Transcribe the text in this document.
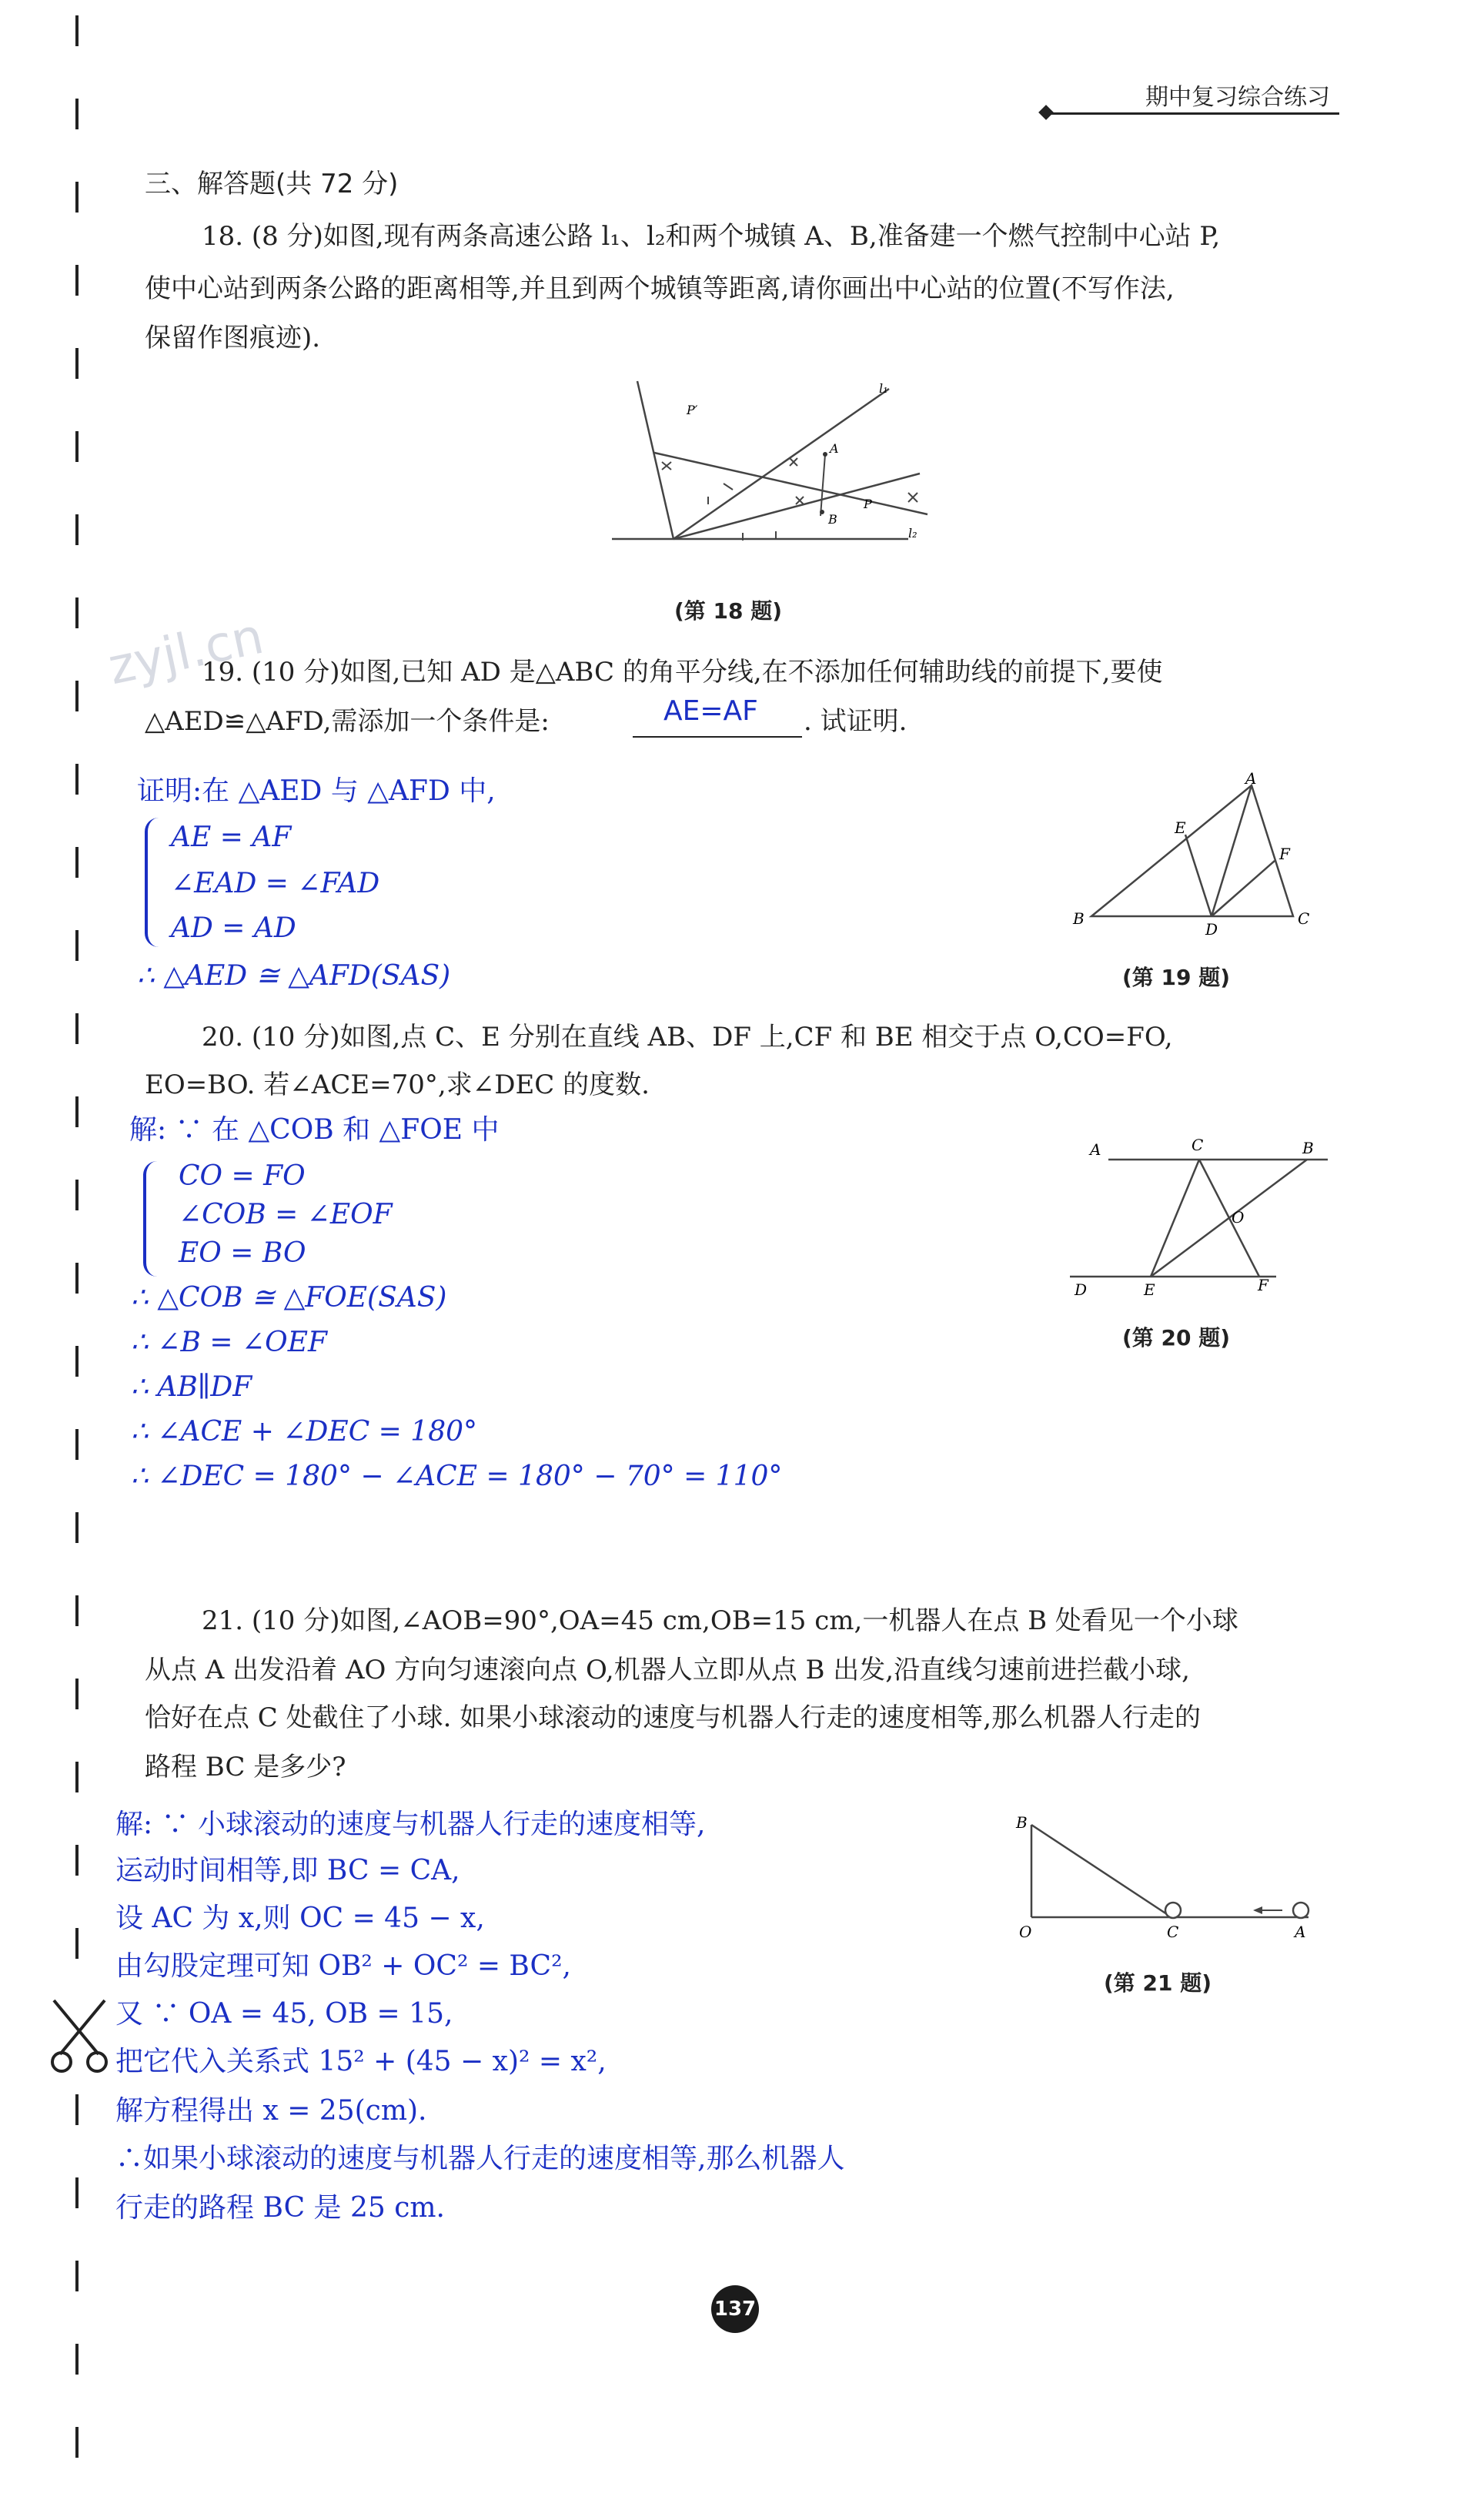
期中复习综合练习
三、解答题(共 72 分)
18. (8 分)如图,现有两条高速公路 l₁、l₂和两个城镇 A、B,准备建一个燃气控制中心站 P,
使中心站到两条公路的距离相等,并且到两个城镇等距离,请你画出中心站的位置(不写作法,
保留作图痕迹).
l₁
l₂
A
B
P
P′
(第 18 题)
zyjl.cn
19. (10 分)如图,已知 AD 是△ABC 的角平分线,在不添加任何辅助线的前提下,要使
△AED≌△AFD,需添加一个条件是:	AE=AF . 试证明.
证明:在 △AED 与 △AFD 中,
AE = AF
∠EAD = ∠FAD
AD = AD
∴ △AED ≅ △AFD(SAS)
A
B	C
D
E
F
(第 19 题)
20. (10 分)如图,点 C、E 分别在直线 AB、DF 上,CF 和 BE 相交于点 O,CO=FO,
EO=BO. 若∠ACE=70°,求∠DEC 的度数.
解: ∵ 在 △COB 和 △FOE 中
CO = FO
∠COB = ∠EOF
EO = BO
∴ △COB ≅ △FOE(SAS)
∴ ∠B = ∠OEF
∴ AB∥DF
∴ ∠ACE + ∠DEC = 180°
∴ ∠DEC = 180° − ∠ACE = 180° − 70° = 110°
A	C	B
O
D	E	F
(第 20 题)
21. (10 分)如图,∠AOB=90°,OA=45 cm,OB=15 cm,一机器人在点 B 处看见一个小球
从点 A 出发沿着 AO 方向匀速滚向点 O,机器人立即从点 B 出发,沿直线匀速前进拦截小球,
恰好在点 C 处截住了小球. 如果小球滚动的速度与机器人行走的速度相等,那么机器人行走的
路程 BC 是多少?
解: ∵ 小球滚动的速度与机器人行走的速度相等,
运动时间相等,即 BC = CA,
设 AC 为 x,则 OC = 45 − x,
由勾股定理可知 OB² + OC² = BC²,
又 ∵ OA = 45, OB = 15,
把它代入关系式 15² + (45 − x)² = x²,
解方程得出 x = 25(cm).
∴如果小球滚动的速度与机器人行走的速度相等,那么机器人
行走的路程 BC 是 25 cm.
B
O	C	A
(第 21 题)
137
